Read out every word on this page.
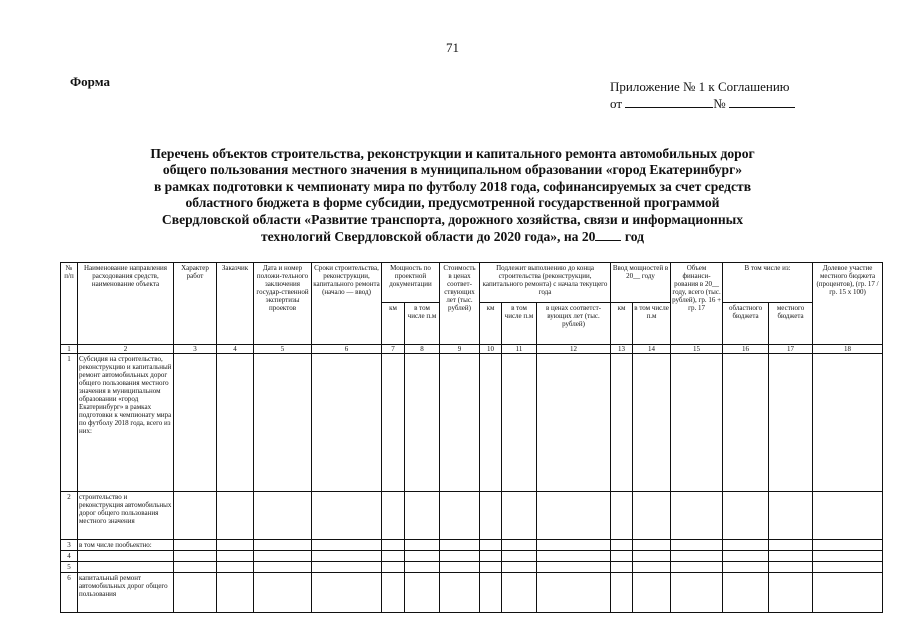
71
Форма	Приложение № 1 к Соглашению
от	№
Перечень объектов строительства, реконструкции и капитального ремонта автомобильных дорог
общего пользования местного значения в муниципальном образовании «город Екатеринбург»
в рамках подготовки к чемпионату мира по футболу 2018 года, софинансируемых за счет средств
областного бюджета в форме субсидии, предусмотренной государственной программой
Свердловской области «Развитие транспорта, дорожного хозяйства, связи и информационных
технологий Свердловской области до 2020 года», на 20 год
№ п/п	Наименование направления расходования средств, наименование объекта	Характер работ	Заказчик	Дата и номер положи-тельного заключения государ-ственной экспертизы проектов	Сроки строительства, реконструкции, капитального ремонта (начало — ввод)	Мощность по проектной документации		Стоимость в ценах соответ-ствующих лет (тыс. рублей)	Подлежит выполнению до конца строительства (реконструкции, капитального ремонта) с начала текущего года			Ввод мощностей в 20__ году		Объем финанси-рования в 20__ году, всего (тыс. рублей), гр. 16 + гр. 17	В том числе из:		Долевое участие местного бюджета (процентов), (гр. 17 / гр. 15 х 100)
						км	в том числе п.м		км	в том числе п.м	в ценах соответст-вующих лет (тыс. рублей)	км	в том числе п.м		областного бюджета	местного бюджета	
1	2	3	4	5	6	7	8	9	10	11	12	13	14	15	16	17	18
1	Субсидия на строительство, реконструкцию и капитальный ремонт автомобильных дорог общего пользования местного значения в муниципальном образовании «город Екатеринбург» в рамках подготовки к чемпионату мира по футболу 2018 года, всего из них:																
2	строительство и реконструкция автомобильных дорог общего пользования местного значения																
3	в том числе пообъектно:																
4																	
5																	
6	капитальный ремонт автомобильных дорог общего пользования																
